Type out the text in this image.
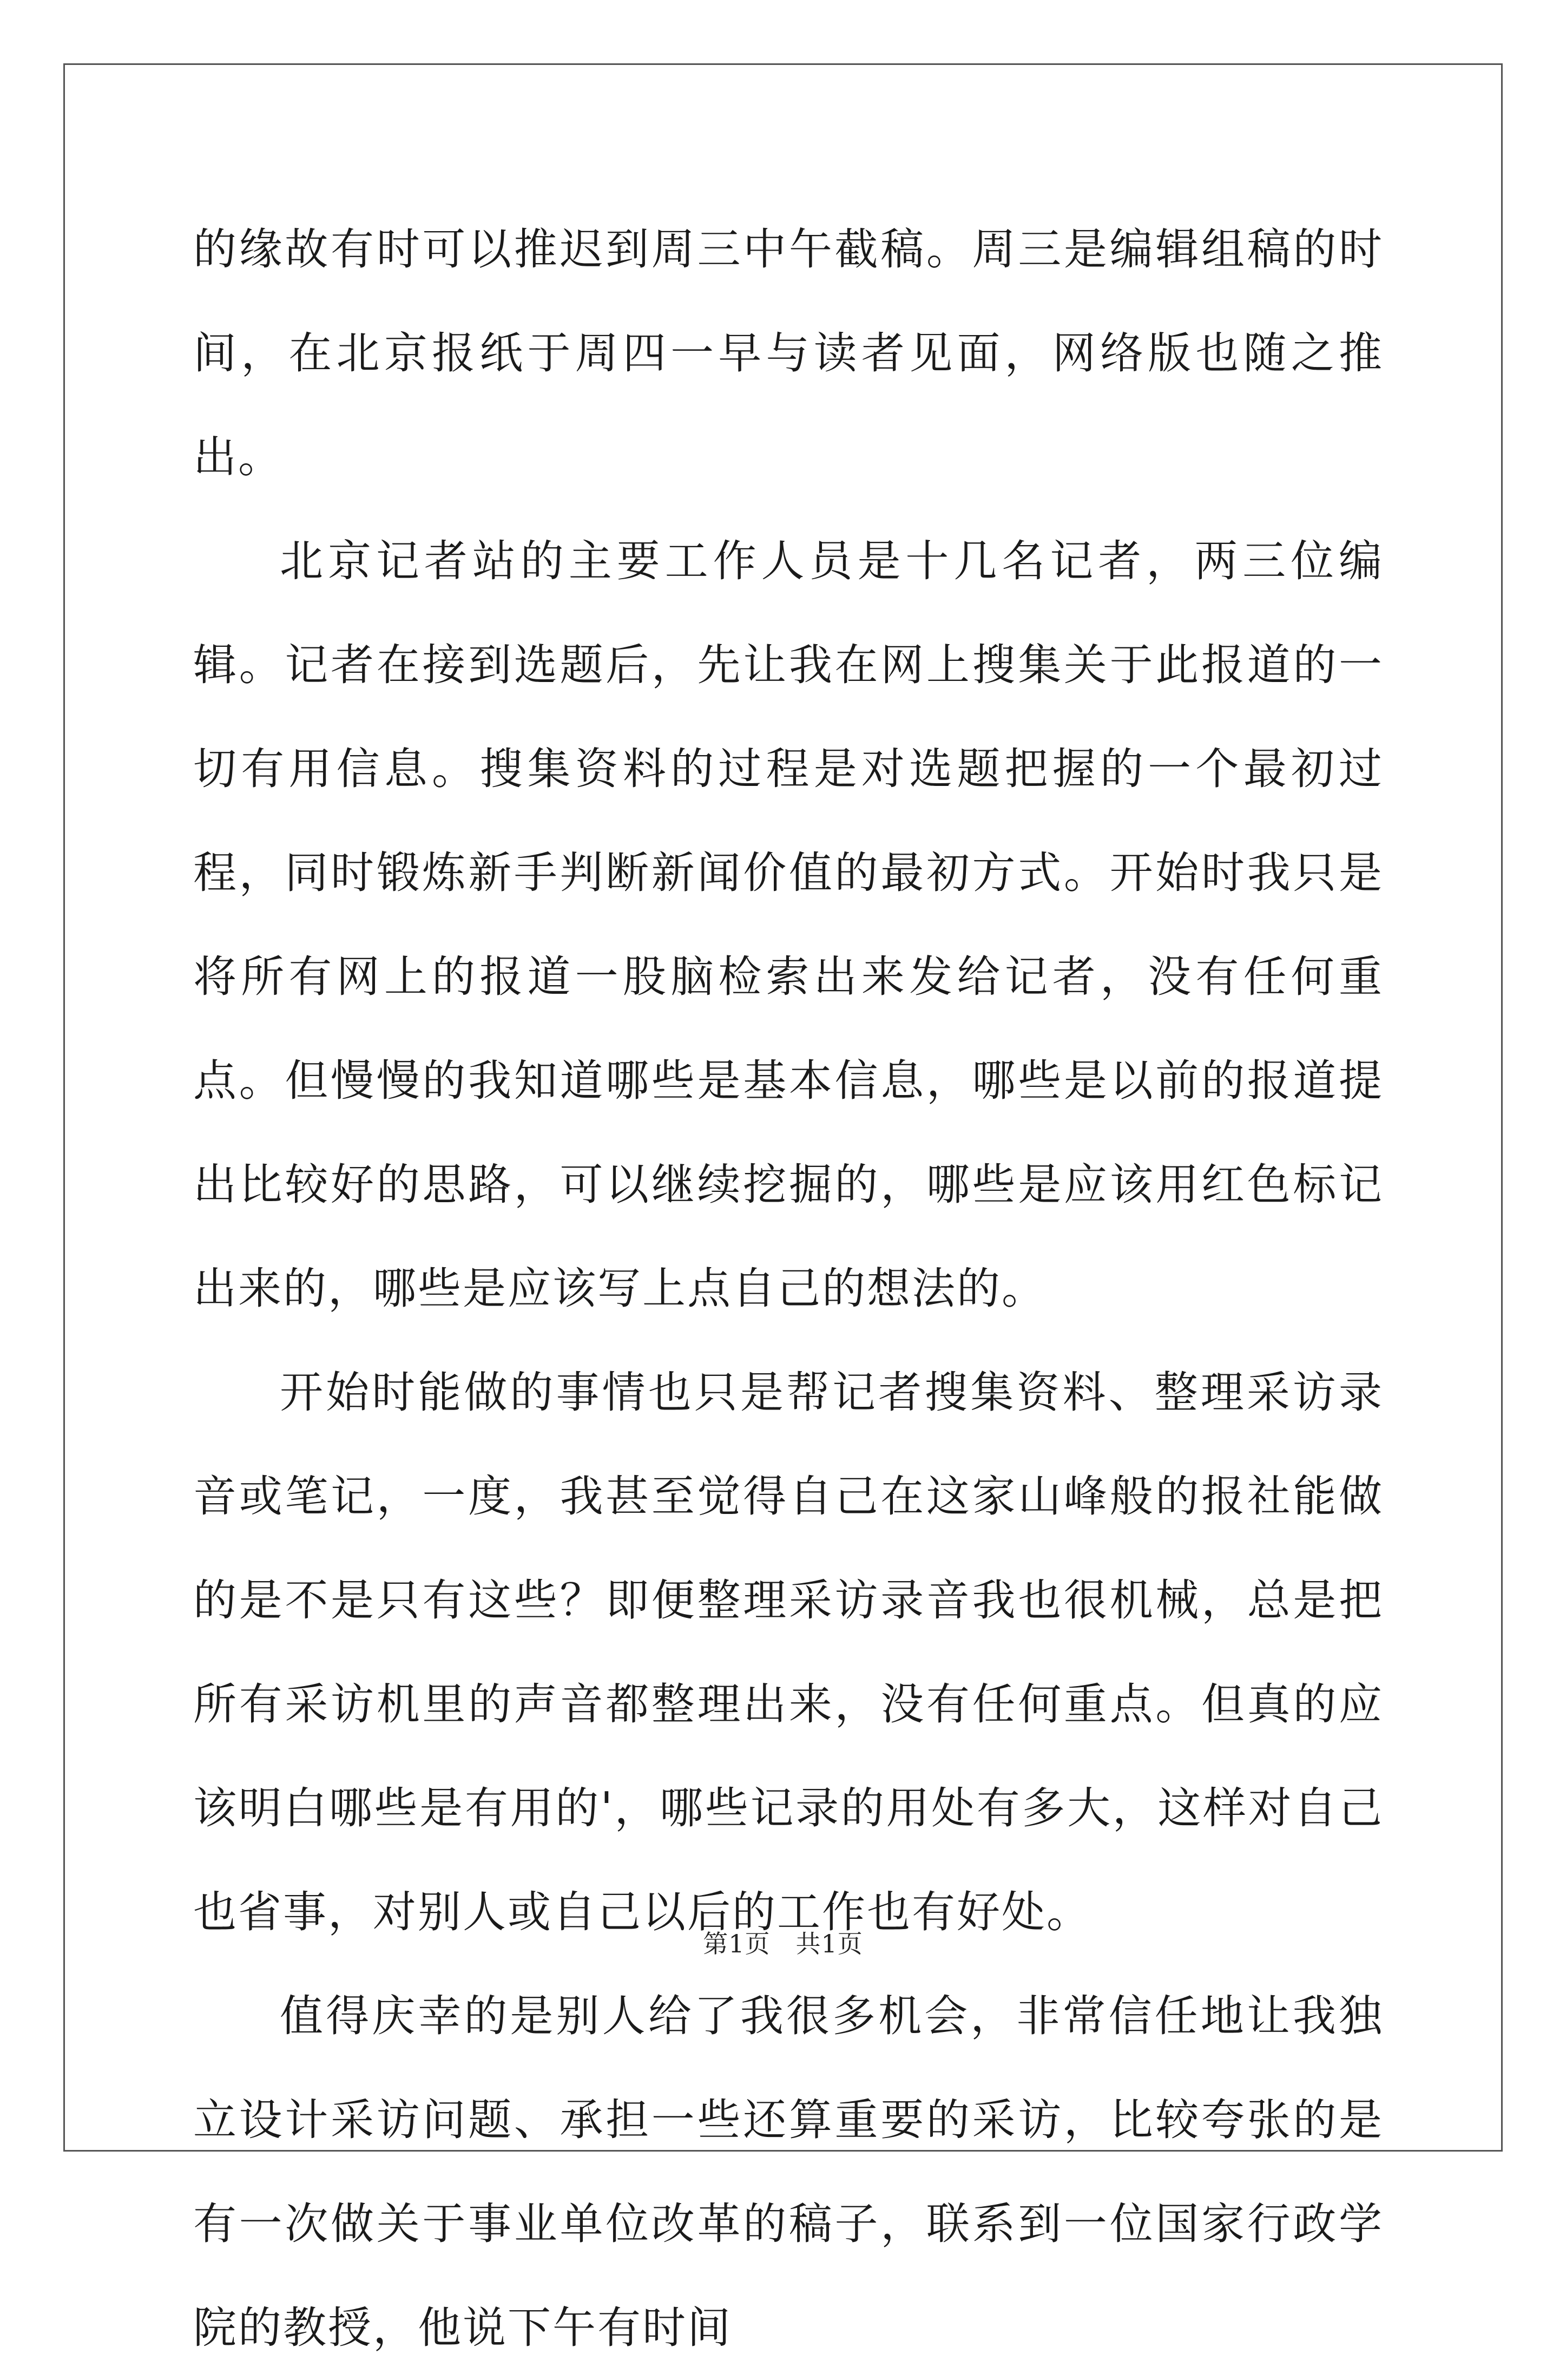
的缘故有时可以推迟到周三中午截稿。周三是编辑组稿的时间，在北京报纸于周四一早与读者见面，网络版也随之推出。

北京记者站的主要工作人员是十几名记者，两三位编辑。记者在接到选题后，先让我在网上搜集关于此报道的一切有用信息。搜集资料的过程是对选题把握的一个最初过程，同时锻炼新手判断新闻价值的最初方式。开始时我只是将所有网上的报道一股脑检索出来发给记者，没有任何重点。但慢慢的我知道哪些是基本信息，哪些是以前的报道提出比较好的思路，可以继续挖掘的，哪些是应该用红色标记出来的，哪些是应该写上点自己的想法的。

开始时能做的事情也只是帮记者搜集资料、整理采访录音或笔记，一度，我甚至觉得自己在这家山峰般的报社能做的是不是只有这些？即便整理采访录音我也很机械，总是把所有采访机里的声音都整理出来，没有任何重点。但真的应该明白哪些是有用的'，哪些记录的用处有多大，这样对自己也省事，对别人或自己以后的工作也有好处。

值得庆幸的是别人给了我很多机会，非常信任地让我独立设计采访问题、承担一些还算重要的采访，比较夸张的是有一次做关于事业单位改革的稿子，联系到一位国家行政学院的教授，他说下午有时间

第1页　共1页
